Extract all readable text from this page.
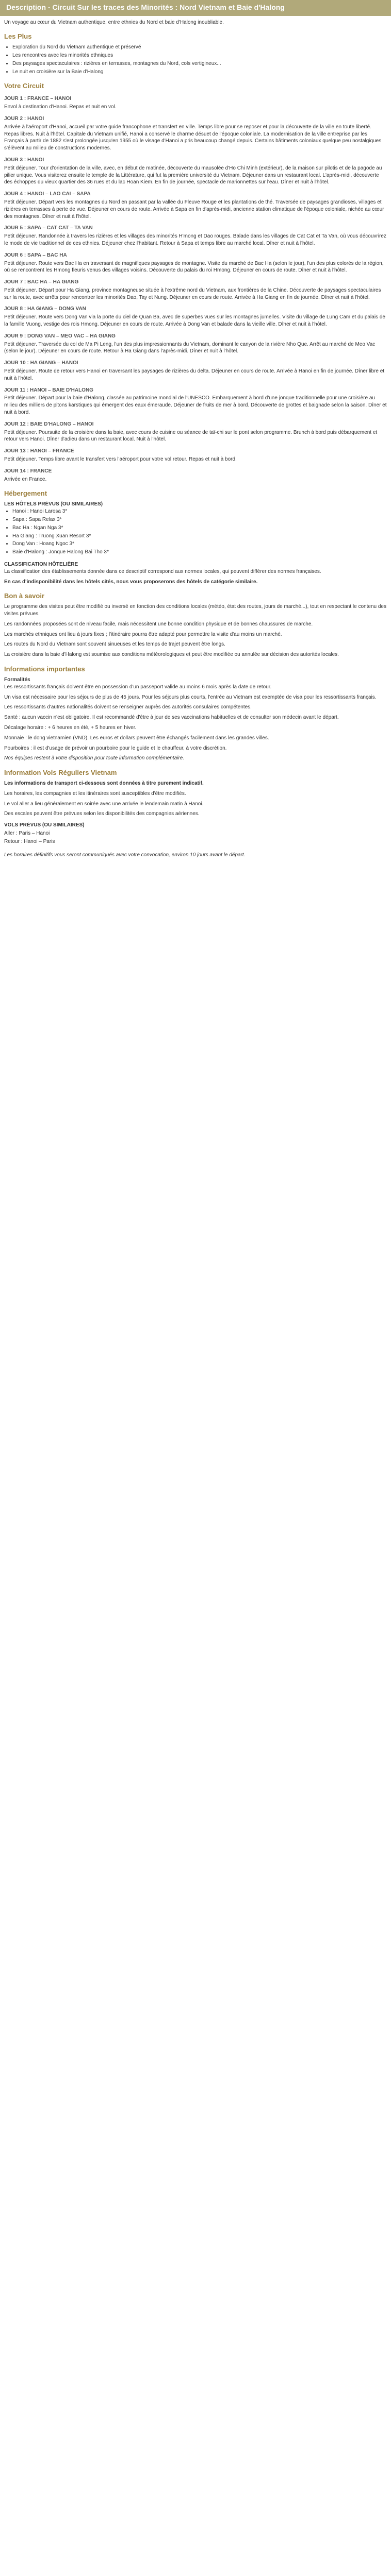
Description - Circuit Sur les traces des Minorités : Nord Vietnam et Baie d'Halong

Un voyage au cœur du Vietnam authentique, entre ethnies du Nord et baie d'Halong inoubliable.

Les Plus
• Exploration du Nord du Vietnam authentique et préservé
• Les rencontres avec les minorités ethniques
• Des paysages spectaculaires : rizières en terrasses, montagnes du Nord, cols vertigineux...
• Le nuit en croisière sur la Baie d'Halong
Votre Circuit
JOUR 1 : FRANCE – HANOI

Envol à destination d'Hanoi. Repas et nuit en vol.

JOUR 2 : HANOI

Arrivée à l'aéroport d'Hanoi, accueil par votre guide francophone et transfert en ville. Temps libre pour se reposer et pour la découverte de la ville en toute liberté. Repas libres. Nuit à l'hôtel. Capitale du Vietnam unifié, Hanoi a conservé le charme désuet de l'époque coloniale. La modernisation de la ville entreprise par les Français à partir de 1882 s'est prolongée jusqu'en 1955 où le visage d'Hanoi a pris beaucoup changé depuis. Certains bâtiments coloniaux quelque peu nostalgiques s'élèvent au milieu de constructions modernes.

JOUR 3 : HANOI

Petit déjeuner. Tour d'orientation de la ville, avec, en début de matinée, découverte du mausolée d'Ho Chi Minh (extérieur), de la maison sur pilotis et de la pagode au pilier unique. Vous visiterez ensuite le temple de la Littérature, qui fut la première université du Vietnam. Déjeuner dans un restaurant local. L'après-midi, découverte des échoppes du vieux quartier des 36 rues et du lac Hoan Kiem. En fin de journée, spectacle de marionnettes sur l'eau. Dîner et nuit à l'hôtel.

JOUR 4 : HANOI – LAO CAI – SAPA

Petit déjeuner. Départ vers les montagnes du Nord en passant par la vallée du Fleuve Rouge et les plantations de thé. Traversée de paysages grandioses, villages et rizières en terrasses à perte de vue. Déjeuner en cours de route. Arrivée à Sapa en fin d'après-midi, ancienne station climatique de l'époque coloniale, nichée au cœur des montagnes. Dîner et nuit à l'hôtel.

JOUR 5 : SAPA – CAT CAT – TA VAN

Petit déjeuner. Randonnée à travers les rizières et les villages des minorités H'mong et Dao rouges. Balade dans les villages de Cat Cat et Ta Van, où vous découvrirez le mode de vie traditionnel de ces ethnies. Déjeuner chez l'habitant. Retour à Sapa et temps libre au marché local. Dîner et nuit à l'hôtel.

JOUR 6 : SAPA – BAC HA

Petit déjeuner. Route vers Bac Ha en traversant de magnifiques paysages de montagne. Visite du marché de Bac Ha (selon le jour), l'un des plus colorés de la région, où se rencontrent les Hmong fleuris venus des villages voisins. Découverte du palais du roi Hmong. Déjeuner en cours de route. Dîner et nuit à l'hôtel.

JOUR 7 : BAC HA – HA GIANG

Petit déjeuner. Départ pour Ha Giang, province montagneuse située à l'extrême nord du Vietnam, aux frontières de la Chine. Découverte de paysages spectaculaires sur la route, avec arrêts pour rencontrer les minorités Dao, Tay et Nung. Déjeuner en cours de route. Arrivée à Ha Giang en fin de journée. Dîner et nuit à l'hôtel.

JOUR 8 : HA GIANG – DONG VAN

Petit déjeuner. Route vers Dong Van via la porte du ciel de Quan Ba, avec de superbes vues sur les montagnes jumelles. Visite du village de Lung Cam et du palais de la famille Vuong, vestige des rois Hmong. Déjeuner en cours de route. Arrivée à Dong Van et balade dans la vieille ville. Dîner et nuit à l'hôtel.

JOUR 9 : DONG VAN – MEO VAC – HA GIANG

Petit déjeuner. Traversée du col de Ma Pi Leng, l'un des plus impressionnants du Vietnam, dominant le canyon de la rivière Nho Que. Arrêt au marché de Meo Vac (selon le jour). Déjeuner en cours de route. Retour à Ha Giang dans l'après-midi. Dîner et nuit à l'hôtel.

JOUR 10 : HA GIANG – HANOI

Petit déjeuner. Route de retour vers Hanoi en traversant les paysages de rizières du delta. Déjeuner en cours de route. Arrivée à Hanoi en fin de journée. Dîner libre et nuit à l'hôtel.

JOUR 11 : HANOI – BAIE D'HALONG

Petit déjeuner. Départ pour la baie d'Halong, classée au patrimoine mondial de l'UNESCO. Embarquement à bord d'une jonque traditionnelle pour une croisière au milieu des milliers de pitons karstiques qui émergent des eaux émeraude. Déjeuner de fruits de mer à bord. Découverte de grottes et baignade selon la saison. Dîner et nuit à bord.

JOUR 12 : BAIE D'HALONG – HANOI

Petit déjeuner. Poursuite de la croisière dans la baie, avec cours de cuisine ou séance de taï-chi sur le pont selon programme. Brunch à bord puis débarquement et retour vers Hanoi. Dîner d'adieu dans un restaurant local. Nuit à l'hôtel.

JOUR 13 : HANOI – FRANCE

Petit déjeuner. Temps libre avant le transfert vers l'aéroport pour votre vol retour. Repas et nuit à bord.

JOUR 14 : FRANCE

Arrivée en France.

Hébergement
LES HÔTELS PRÉVUS (OU SIMILAIRES)
• Hanoi : Hanoi Larosa 3*
• Sapa : Sapa Relax 3*
• Bac Ha : Ngan Nga 3*
• Ha Giang : Truong Xuan Resort 3*
• Dong Van : Hoang Ngoc 3*
• Baie d'Halong : Jonque Halong Bai Tho 3*
CLASSIFICATION HÔTELIÈRE

La classification des établissements donnée dans ce descriptif correspond aux normes locales, qui peuvent différer des normes françaises.

En cas d'indisponibilité dans les hôtels cités, nous vous proposerons des hôtels de catégorie similaire.

Bon à savoir

Le programme des visites peut être modifié ou inversé en fonction des conditions locales (météo, état des routes, jours de marché...), tout en respectant le contenu des visites prévues.

Les randonnées proposées sont de niveau facile, mais nécessitent une bonne condition physique et de bonnes chaussures de marche.

Les marchés ethniques ont lieu à jours fixes ; l'itinéraire pourra être adapté pour permettre la visite d'au moins un marché.

Les routes du Nord du Vietnam sont souvent sinueuses et les temps de trajet peuvent être longs.

La croisière dans la baie d'Halong est soumise aux conditions météorologiques et peut être modifiée ou annulée sur décision des autorités locales.

Informations importantes
Formalités

Les ressortissants français doivent être en possession d'un passeport valide au moins 6 mois après la date de retour.

Un visa est nécessaire pour les séjours de plus de 45 jours. Pour les séjours plus courts, l'entrée au Vietnam est exemptée de visa pour les ressortissants français.

Les ressortissants d'autres nationalités doivent se renseigner auprès des autorités consulaires compétentes.

Santé : aucun vaccin n'est obligatoire. Il est recommandé d'être à jour de ses vaccinations habituelles et de consulter son médecin avant le départ.

Décalage horaire : + 6 heures en été, + 5 heures en hiver.

Monnaie : le dong vietnamien (VND). Les euros et dollars peuvent être échangés facilement dans les grandes villes.

Pourboires : il est d'usage de prévoir un pourboire pour le guide et le chauffeur, à votre discrétion.

Nos équipes restent à votre disposition pour toute information complémentaire.

Information Vols Réguliers Vietnam

Les informations de transport ci-dessous sont données à titre purement indicatif.

Les horaires, les compagnies et les itinéraires sont susceptibles d'être modifiés.

Le vol aller a lieu généralement en soirée avec une arrivée le lendemain matin à Hanoi.

Des escales peuvent être prévues selon les disponibilités des compagnies aériennes.

VOLS PRÉVUS (OU SIMILAIRES)

Aller : Paris – Hanoi

Retour : Hanoi – Paris

Les horaires définitifs vous seront communiqués avec votre convocation, environ 10 jours avant le départ.
